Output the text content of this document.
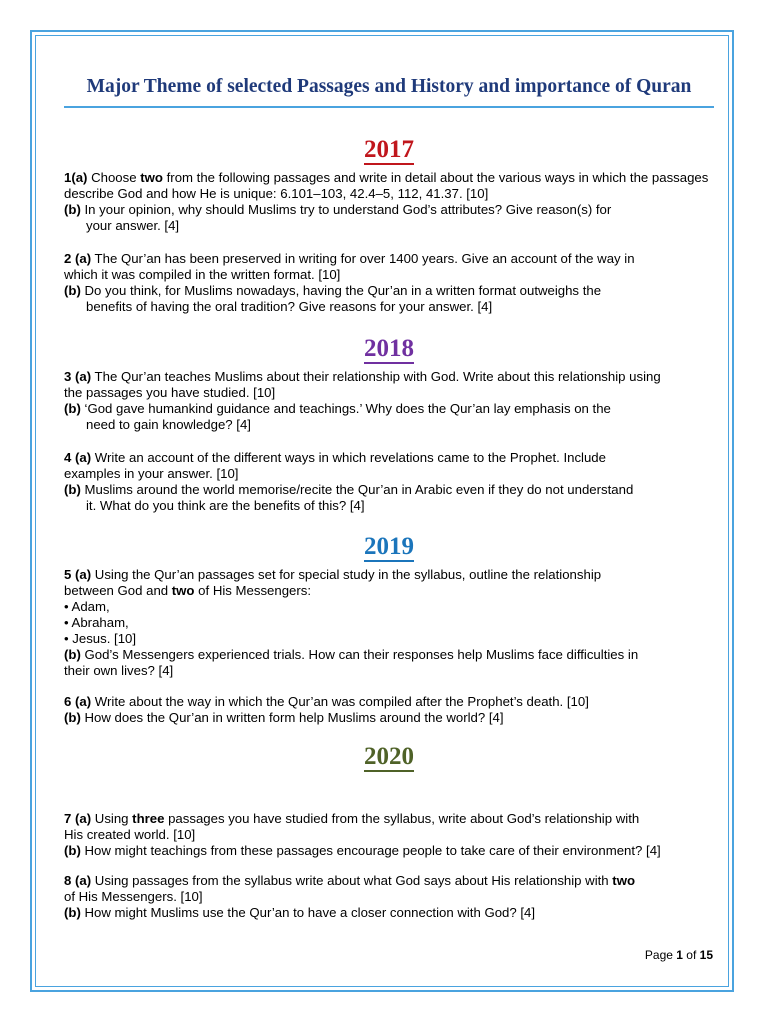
Major Theme of selected Passages and History and importance of Quran
2017

1(a) Choose two from the following passages and write in detail about the various ways in which the passages describe God and how He is unique: 6.101–103, 42.4–5, 112, 41.37. [10]

(b) In your opinion, why should Muslims try to understand God’s attributes? Give reason(s) for

your answer. [4]

2 (a) The Qur’an has been preserved in writing for over 1400 years. Give an account of the way in

which it was compiled in the written format. [10]

(b) Do you think, for Muslims nowadays, having the Qur’an in a written format outweighs the

benefits of having the oral tradition? Give reasons for your answer. [4]

2018

3 (a) The Qur’an teaches Muslims about their relationship with God. Write about this relationship using

the passages you have studied. [10]

(b) ‘God gave humankind guidance and teachings.’ Why does the Qur’an lay emphasis on the

need to gain knowledge? [4]

4 (a) Write an account of the different ways in which revelations came to the Prophet. Include

examples in your answer. [10]

(b) Muslims around the world memorise/recite the Qur’an in Arabic even if they do not understand

it. What do you think are the benefits of this? [4]

2019

5 (a) Using the Qur’an passages set for special study in the syllabus, outline the relationship

between God and two of His Messengers:

• Adam,

• Abraham,

• Jesus. [10]

(b) God’s Messengers experienced trials. How can their responses help Muslims face difficulties in

their own lives? [4]

6 (a) Write about the way in which the Qur’an was compiled after the Prophet’s death. [10]

(b) How does the Qur’an in written form help Muslims around the world? [4]

2020

7 (a) Using three passages you have studied from the syllabus, write about God’s relationship with

His created world. [10]

(b) How might teachings from these passages encourage people to take care of their environment? [4]

8 (a) Using passages from the syllabus write about what God says about His relationship with two

of His Messengers. [10]

(b) How might Muslims use the Qur’an to have a closer connection with God? [4]

Page 1 of 15
